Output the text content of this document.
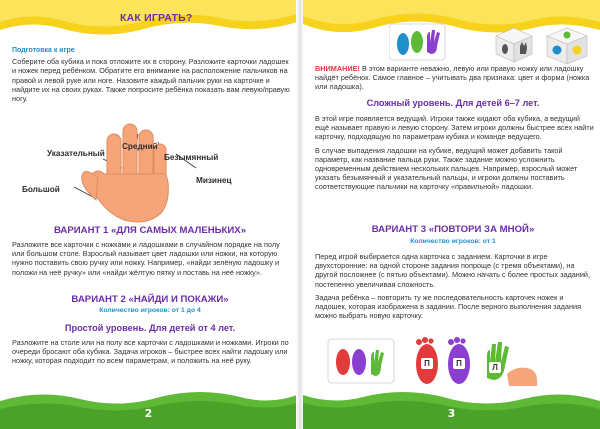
КАК ИГРАТЬ?

Подготовка к игре

Соберите оба кубика и пока отложите их в сторону. Разложите карточки ладошек и ножек перед ребёнком. Обратите его внимание на расположение пальчиков на правой и левой руке или ноге. Назовите каждый пальчик руки на карточке и найдите их на своих руках. Также попросите ребёнка показать вам левую/правую ногу.

Указательный
Средний
Безымянный
Большой
Мизинец
ВАРИАНТ 1 «ДЛЯ САМЫХ МАЛЕНЬКИХ»
Разложите все карточки с ножками и ладошками в случайном порядке на полу или большом столе. Взрослый называет цвет ладошки или ножки, на которую нужно поставить свою ручку или ножку. Например, «найди зелёную ладошку и положи на неё ручку» или «найди жёлтую пятку и поставь на неё ножку».
ВАРИАНТ 2 «НАЙДИ И ПОКАЖИ»
Количество игроков: от 1 до 4
Простой уровень. Для детей от 4 лет.
Разложите на столе или на полу все карточки с ладошками и ножками. Игроки по очереди бросают оба кубика. Задача игроков – быстрее всех найти ладошку или ножку, которая подходит по всем параметрам, и положить на неё руку.
2
ВНИМАНИЕ! В этом варианте неважно, левую или правую ножку или ладошку найдёт ребёнок. Самое главное – учитывать два признака: цвет и форма (ножка или ладошка).
Сложный уровень. Для детей 6–7 лет.

В этой игре появляется ведущий. Игроки также кидают оба кубика, а ведущий ещё называет правую и левую сторону. Затем игроки должны быстрее всех найти карточку, подходящую по параметрам кубика и команде ведущего.

В случае выпадения ладошки на кубике, ведущий может добавить такой параметр, как название пальца руки. Также задание можно усложнить одновременным действием нескольких пальцев. Например, взрослый может указать безымянный и указательный пальцы, и игроки должны поставить соответствующие пальчики на карточку «правильной» ладошки.

ВАРИАНТ 3 «ПОВТОРИ ЗА МНОЙ»
Количество игроков: от 1

Перед игрой выбирается одна карточка с заданием. Карточки в игре двухсторонние: на одной стороне задания попроще (с тремя объектами), на другой посложнее (с пятью объектами). Можно начать с более простых заданий, постепенно увеличивая сложность.

Задача ребёнка – повторить ту же последовательность карточек ножек и ладошек, которая изображена в задании. После верного выполнения задания можно выбрать новую карточку.

П	П	Л
3
